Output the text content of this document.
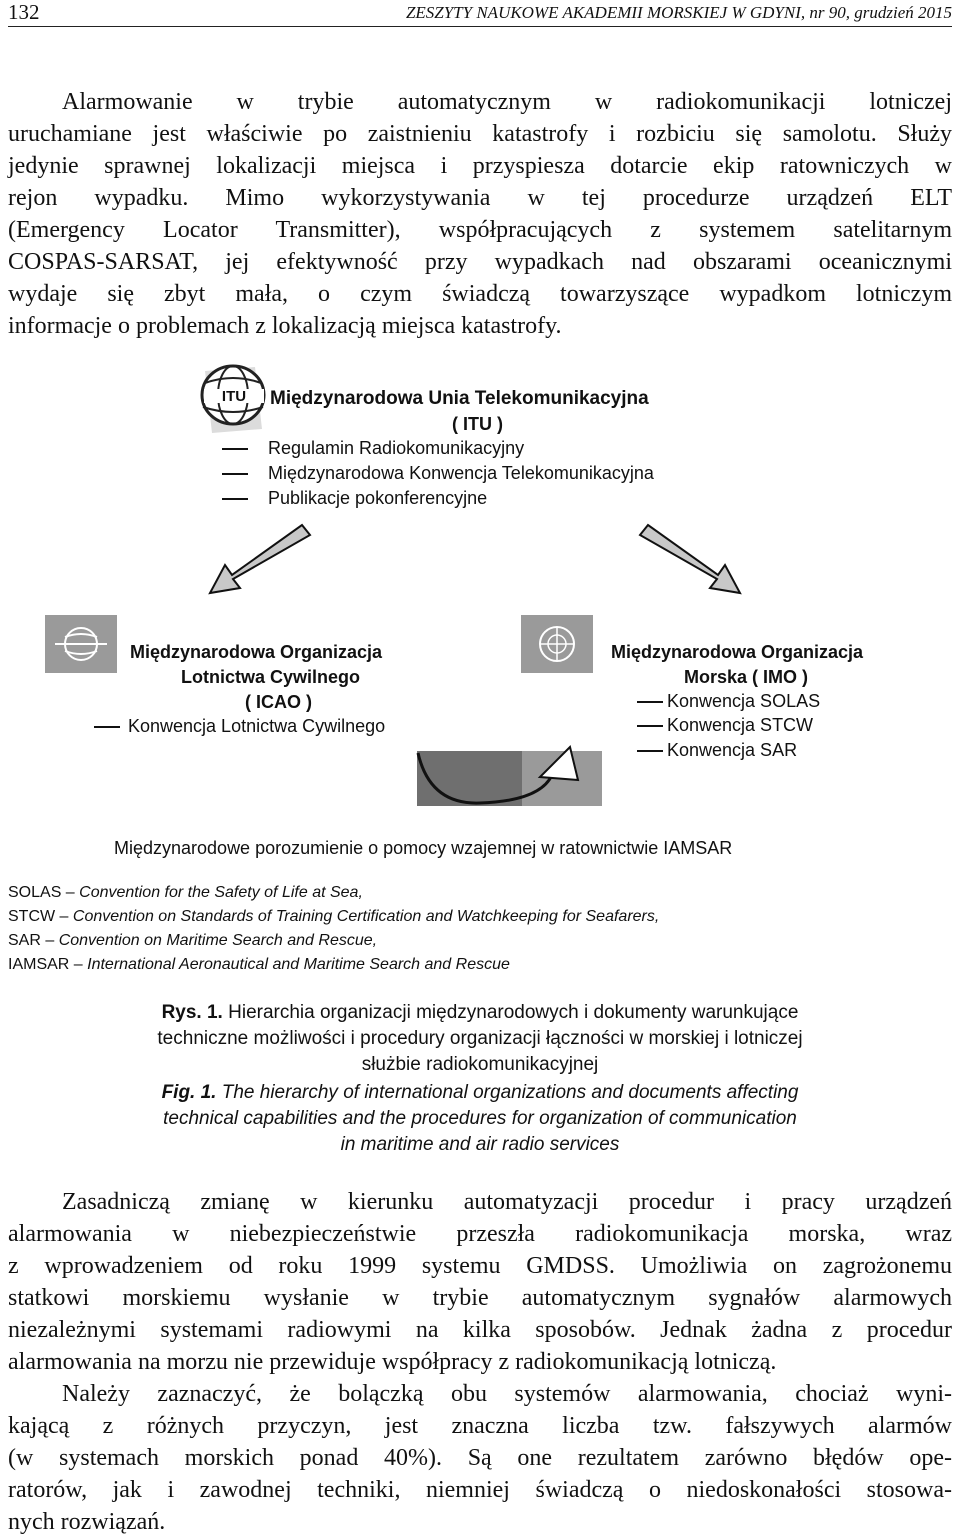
132	ZESZYTY NAUKOWE AKADEMII MORSKIEJ W GDYNI, nr 90, grudzień 2015
Alarmowanie w trybie automatycznym w radiokomunikacji lotniczej
uruchamiane jest właściwie po zaistnieniu katastrofy i rozbiciu się samolotu. Służy
jedynie sprawnej lokalizacji miejsca i przyspiesza dotarcie ekip ratowniczych w
rejon wypadku. Mimo wykorzystywania w tej procedurze urządzeń ELT
(Emergency Locator Transmitter), współpracujących z systemem satelitarnym
COSPAS-SARSAT, jej efektywność przy wypadkach nad obszarami oceanicznymi
wydaje się zbyt mała, o czym świadczą towarzyszące wypadkom lotniczym
informacje o problemach z lokalizacją miejsca katastrofy.
ITU Międzynarodowa Unia Telekomunikacyjna
( ITU )
Regulamin Radiokomunikacyjny
Międzynarodowa Konwencja Telekomunikacyjna
Publikacje pokonferencyjne
Międzynarodowa Organizacja
Lotnictwa Cywilnego
( ICAO )
Konwencja Lotnictwa Cywilnego
Międzynarodowa Organizacja
Morska ( IMO )
Konwencja SOLAS
Konwencja STCW
Konwencja SAR
Międzynarodowe porozumienie o pomocy wzajemnej w ratownictwie IAMSAR
SOLAS – Convention for the Safety of Life at Sea,
STCW – Convention on Standards of Training Certification and Watchkeeping for Seafarers,
SAR – Convention on Maritime Search and Rescue,
IAMSAR – International Aeronautical and Maritime Search and Rescue
Rys. 1. Hierarchia organizacji międzynarodowych i dokumenty warunkujące
techniczne możliwości i procedury organizacji łączności w morskiej i lotniczej
służbie radiokomunikacyjnej
Fig. 1. The hierarchy of international organizations and documents affecting
technical capabilities and the procedures for organization of communication
in maritime and air radio services
Zasadniczą zmianę w kierunku automatyzacji procedur i pracy urządzeń
alarmowania w niebezpieczeństwie przeszła radiokomunikacja morska, wraz
z wprowadzeniem od roku 1999 systemu GMDSS. Umożliwia on zagrożonemu
statkowi morskiemu wysłanie w trybie automatycznym sygnałów alarmowych
niezależnymi systemami radiowymi na kilka sposobów. Jednak żadna z procedur
alarmowania na morzu nie przewiduje współpracy z radiokomunikacją lotniczą.
Należy zaznaczyć, że bolączką obu systemów alarmowania, chociaż wyni-
kającą z różnych przyczyn, jest znaczna liczba tzw. fałszywych alarmów
(w systemach morskich ponad 40%). Są one rezultatem zarówno błędów ope-
ratorów, jak i zawodnej techniki, niemniej świadczą o niedoskonałości stosowa-
nych rozwiązań.
